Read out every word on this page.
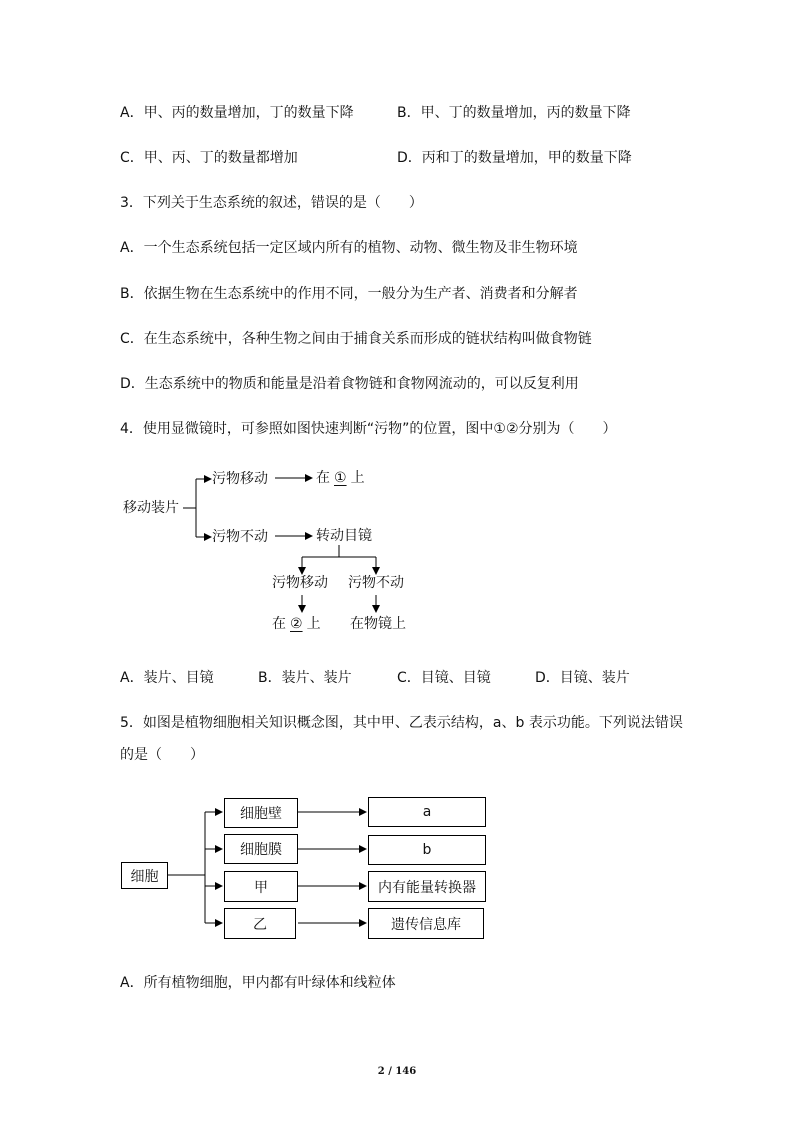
A．甲、丙的数量增加，丁的数量下降	B．甲、丁的数量增加，丙的数量下降
C．甲、丙、丁的数量都增加	D．丙和丁的数量增加，甲的数量下降
3．下列关于生态系统的叙述，错误的是（　　）
A．一个生态系统包括一定区域内所有的植物、动物、微生物及非生物环境
B．依据生物在生态系统中的作用不同，一般分为生产者、消费者和分解者
C．在生态系统中，各种生物之间由于捕食关系而形成的链状结构叫做食物链
D．生态系统中的物质和能量是沿着食物链和食物网流动的，可以反复利用
4．使用显微镜时，可参照如图快速判断“污物”的位置，图中①②分别为（　　）
移动装片
污物移动
污物不动
在 ① 上
转动目镜
污物移动 污物不动
在 ② 上 在物镜上
A．装片、目镜	B．装片、装片	C．目镜、目镜	D．目镜、装片
5．如图是植物细胞相关知识概念图，其中甲、乙表示结构，a、b 表示功能。下列说法错误
的是（　　）
细胞
细胞壁
细胞膜
甲
乙
a
b
内有能量转换器
遗传信息库
A．所有植物细胞，甲内都有叶绿体和线粒体
2 / 146
